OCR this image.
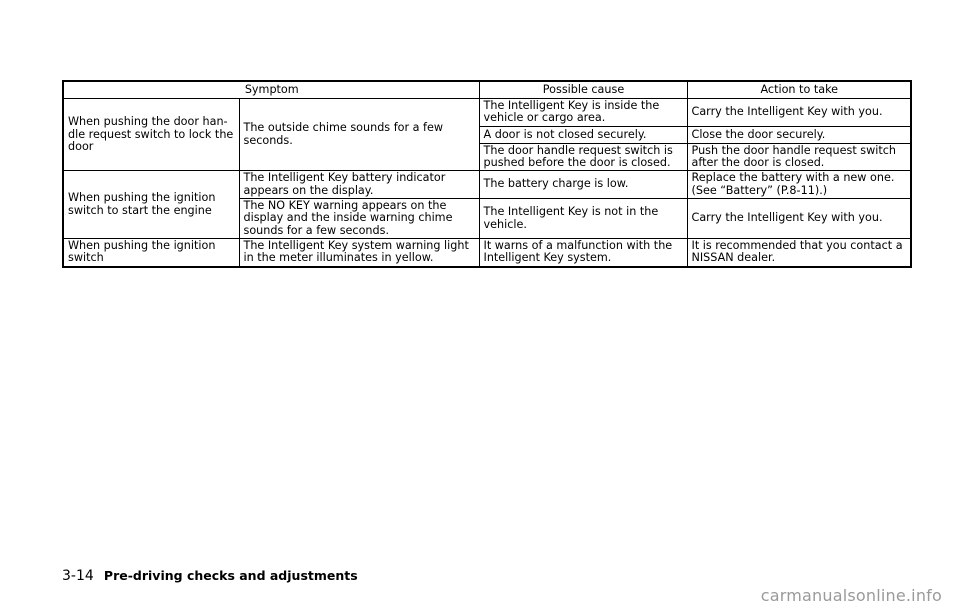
Symptom		Possible cause	Action to take
When pushing the door han-dle request switch to lock the door	The outside chime sounds for a few seconds.	The Intelligent Key is inside the vehicle or cargo area.	Carry the Intelligent Key with you.
		A door is not closed securely.	Close the door securely.
		The door handle request switch is pushed before the door is closed.	Push the door handle request switch after the door is closed.
When pushing the ignition switch to start the engine	The Intelligent Key battery indicator appears on the display.	The battery charge is low.	Replace the battery with a new one. (See “Battery” (P.8-11).)
	The NO KEY warning appears on the display and the inside warning chime sounds for a few seconds.	The Intelligent Key is not in the vehicle.	Carry the Intelligent Key with you.
When pushing the ignition switch	The Intelligent Key system warning light in the meter illuminates in yellow.	It warns of a malfunction with the Intelligent Key system.	It is recommended that you contact a NISSAN dealer.
3-14 Pre-driving checks and adjustments
carmanualsonline.info
